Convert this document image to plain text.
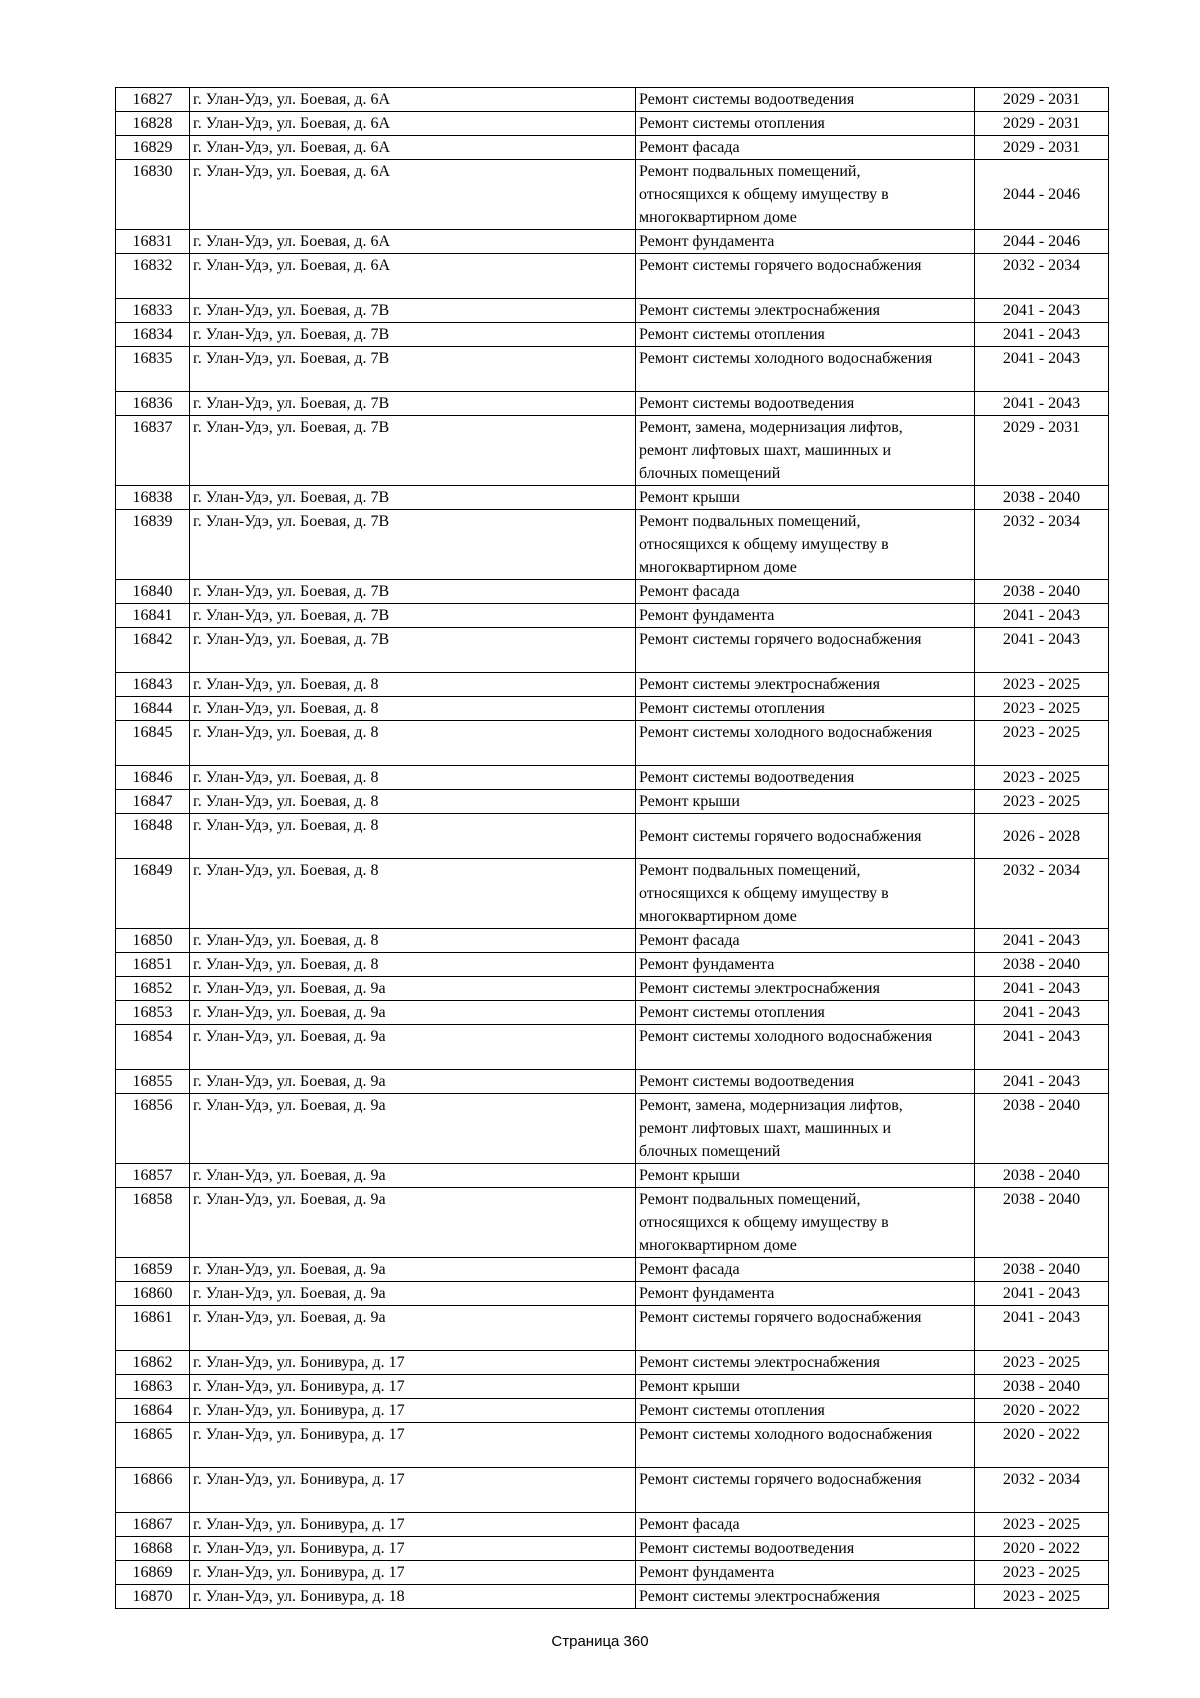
16827	г. Улан-Удэ, ул. Боевая, д. 6А	Ремонт системы водоотведения	2029 - 2031
16828	г. Улан-Удэ, ул. Боевая, д. 6А	Ремонт системы отопления	2029 - 2031
16829	г. Улан-Удэ, ул. Боевая, д. 6А	Ремонт фасада	2029 - 2031
16830	г. Улан-Удэ, ул. Боевая, д. 6А	Ремонт подвальных помещений,
относящихся к общему имуществу в
многоквартирном доме	2044 - 2046
16831	г. Улан-Удэ, ул. Боевая, д. 6А	Ремонт фундамента	2044 - 2046
16832	г. Улан-Удэ, ул. Боевая, д. 6А	Ремонт системы горячего водоснабжения	2032 - 2034
16833	г. Улан-Удэ, ул. Боевая, д. 7В	Ремонт системы электроснабжения	2041 - 2043
16834	г. Улан-Удэ, ул. Боевая, д. 7В	Ремонт системы отопления	2041 - 2043
16835	г. Улан-Удэ, ул. Боевая, д. 7В	Ремонт системы холодного водоснабжения	2041 - 2043
16836	г. Улан-Удэ, ул. Боевая, д. 7В	Ремонт системы водоотведения	2041 - 2043
16837	г. Улан-Удэ, ул. Боевая, д. 7В	Ремонт, замена, модернизация лифтов,
ремонт лифтовых шахт, машинных и
блочных помещений	2029 - 2031
16838	г. Улан-Удэ, ул. Боевая, д. 7В	Ремонт крыши	2038 - 2040
16839	г. Улан-Удэ, ул. Боевая, д. 7В	Ремонт подвальных помещений,
относящихся к общему имуществу в
многоквартирном доме	2032 - 2034
16840	г. Улан-Удэ, ул. Боевая, д. 7В	Ремонт фасада	2038 - 2040
16841	г. Улан-Удэ, ул. Боевая, д. 7В	Ремонт фундамента	2041 - 2043
16842	г. Улан-Удэ, ул. Боевая, д. 7В	Ремонт системы горячего водоснабжения	2041 - 2043
16843	г. Улан-Удэ, ул. Боевая, д. 8	Ремонт системы электроснабжения	2023 - 2025
16844	г. Улан-Удэ, ул. Боевая, д. 8	Ремонт системы отопления	2023 - 2025
16845	г. Улан-Удэ, ул. Боевая, д. 8	Ремонт системы холодного водоснабжения	2023 - 2025
16846	г. Улан-Удэ, ул. Боевая, д. 8	Ремонт системы водоотведения	2023 - 2025
16847	г. Улан-Удэ, ул. Боевая, д. 8	Ремонт крыши	2023 - 2025
16848	г. Улан-Удэ, ул. Боевая, д. 8	Ремонт системы горячего водоснабжения	2026 - 2028
16849	г. Улан-Удэ, ул. Боевая, д. 8	Ремонт подвальных помещений,
относящихся к общему имуществу в
многоквартирном доме	2032 - 2034
16850	г. Улан-Удэ, ул. Боевая, д. 8	Ремонт фасада	2041 - 2043
16851	г. Улан-Удэ, ул. Боевая, д. 8	Ремонт фундамента	2038 - 2040
16852	г. Улан-Удэ, ул. Боевая, д. 9а	Ремонт системы электроснабжения	2041 - 2043
16853	г. Улан-Удэ, ул. Боевая, д. 9а	Ремонт системы отопления	2041 - 2043
16854	г. Улан-Удэ, ул. Боевая, д. 9а	Ремонт системы холодного водоснабжения	2041 - 2043
16855	г. Улан-Удэ, ул. Боевая, д. 9а	Ремонт системы водоотведения	2041 - 2043
16856	г. Улан-Удэ, ул. Боевая, д. 9а	Ремонт, замена, модернизация лифтов,
ремонт лифтовых шахт, машинных и
блочных помещений	2038 - 2040
16857	г. Улан-Удэ, ул. Боевая, д. 9а	Ремонт крыши	2038 - 2040
16858	г. Улан-Удэ, ул. Боевая, д. 9а	Ремонт подвальных помещений,
относящихся к общему имуществу в
многоквартирном доме	2038 - 2040
16859	г. Улан-Удэ, ул. Боевая, д. 9а	Ремонт фасада	2038 - 2040
16860	г. Улан-Удэ, ул. Боевая, д. 9а	Ремонт фундамента	2041 - 2043
16861	г. Улан-Удэ, ул. Боевая, д. 9а	Ремонт системы горячего водоснабжения	2041 - 2043
16862	г. Улан-Удэ, ул. Бонивура, д. 17	Ремонт системы электроснабжения	2023 - 2025
16863	г. Улан-Удэ, ул. Бонивура, д. 17	Ремонт крыши	2038 - 2040
16864	г. Улан-Удэ, ул. Бонивура, д. 17	Ремонт системы отопления	2020 - 2022
16865	г. Улан-Удэ, ул. Бонивура, д. 17	Ремонт системы холодного водоснабжения	2020 - 2022
16866	г. Улан-Удэ, ул. Бонивура, д. 17	Ремонт системы горячего водоснабжения	2032 - 2034
16867	г. Улан-Удэ, ул. Бонивура, д. 17	Ремонт фасада	2023 - 2025
16868	г. Улан-Удэ, ул. Бонивура, д. 17	Ремонт системы водоотведения	2020 - 2022
16869	г. Улан-Удэ, ул. Бонивура, д. 17	Ремонт фундамента	2023 - 2025
16870	г. Улан-Удэ, ул. Бонивура, д. 18	Ремонт системы электроснабжения	2023 - 2025
Страница 360
